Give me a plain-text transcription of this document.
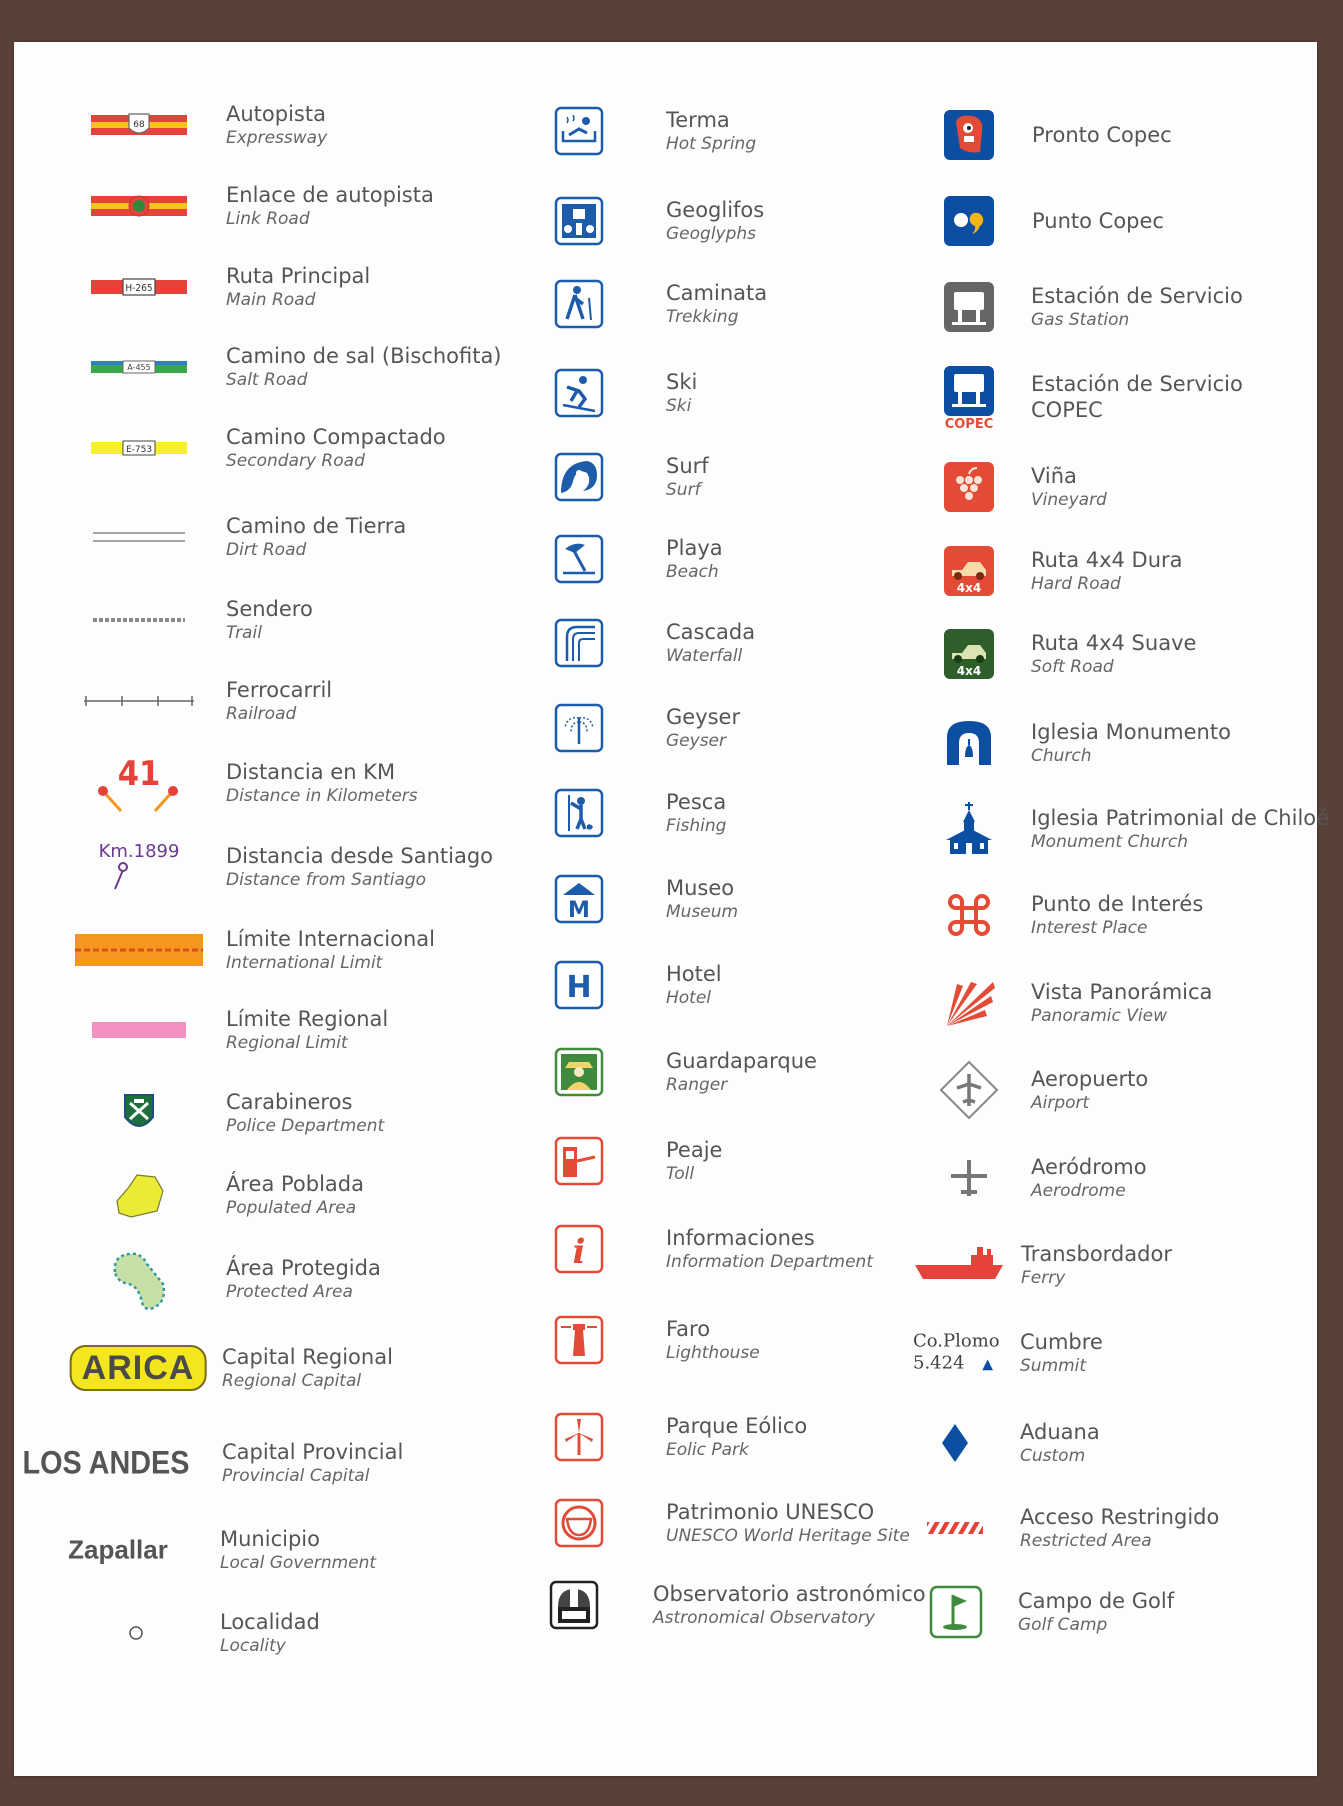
68	Autopista
Expressway
Enlace de autopista
Link Road
H-265
Ruta Principal
Main Road
A-455	Camino de sal (Bischofita)
Salt Road
E-753
Camino Compactado
Secondary Road
Camino de Tierra
Dirt Road
Sendero
Trail
Ferrocarril
Railroad
41	Distancia en KM
Distance in Kilometers
Km.1899 Distancia desde Santiago
Distance from Santiago
Límite Internacional
International Limit
Límite Regional
Regional Limit
Carabineros
Police Department
Área Poblada
Populated Area
Área Protegida
Protected Area
ARICA	Capital Regional
Regional Capital
LOS ANDES Capital Provincial
Provincial Capital
Zapallar Municipio
Local Government
Localidad
Locality
Terma
Hot Spring
Geoglifos
Geoglyphs
Caminata
Trekking
Ski
Ski
Surf
Surf
Playa
Beach
Cascada
Waterfall
Geyser
Geyser
Pesca
Fishing
M
Museo
Museum
H	Hotel
Hotel
Guardaparque
Ranger
Peaje
Toll
i	Informaciones
Information Department
Faro
Lighthouse
Parque Eólico
Eolic Park
Patrimonio UNESCO
UNESCO World Heritage Site
Observatorio astronómico
Astronomical Observatory
Pronto Copec
Punto Copec
Estación de Servicio
Gas Station
COPEC
Estación de Servicio
COPEC
Viña
Vineyard
4x4
Ruta 4x4 Dura
Hard Road
4x4
Ruta 4x4 Suave
Soft Road
Iglesia Monumento
Church
Iglesia Patrimonial de Chiloé
Monument Church
Punto de Interés
Interest Place
Vista Panorámica
Panoramic View
Aeropuerto
Airport
Aeródromo
Aerodrome
Transbordador
Ferry
Co.Plomo
5.424 ▲
Cumbre
Summit
Aduana
Custom
Acceso Restringido
Restricted Area
Campo de Golf
Golf Camp
